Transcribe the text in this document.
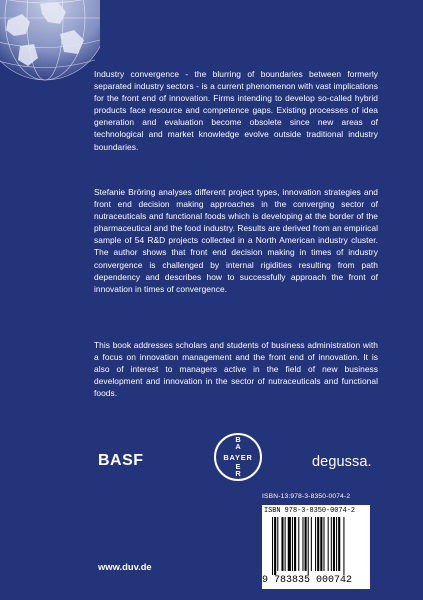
Industry convergence - the blurring of boundaries between formerly separated industry sectors - is a current phenomenon with vast implications for the front end of innovation. Firms intending to develop so-called hybrid products face resource and competence gaps. Existing processes of idea generation and evaluation become obsolete since new areas of technological and market knowledge evolve outside traditional industry boundaries.
Stefanie Bröring analyses different project types, innovation strategies and front end decision making approaches in the converging sector of nutraceuticals and functional foods which is developing at the border of the pharmaceutical and the food industry. Results are derived from an empirical sample of 54 R&D projects collected in a North American industry cluster. The author shows that front end decision making in times of industry convergence is challenged by internal rigidities resulting from path dependency and describes how to successfully approach the front of innovation in times of convergence.
This book addresses scholars and students of business administration with a focus on innovation management and the front end of innovation. It is also of interest to managers active in the field of new business development and innovation in the sector of nutraceuticals and functional foods.
BASF	BAYER
B
A
E
R
degussa.
ISBN-13:978-3-8350-0074-2
ISBN 978-3-8350-0074-2
9 783835 000742
www.duv.de
